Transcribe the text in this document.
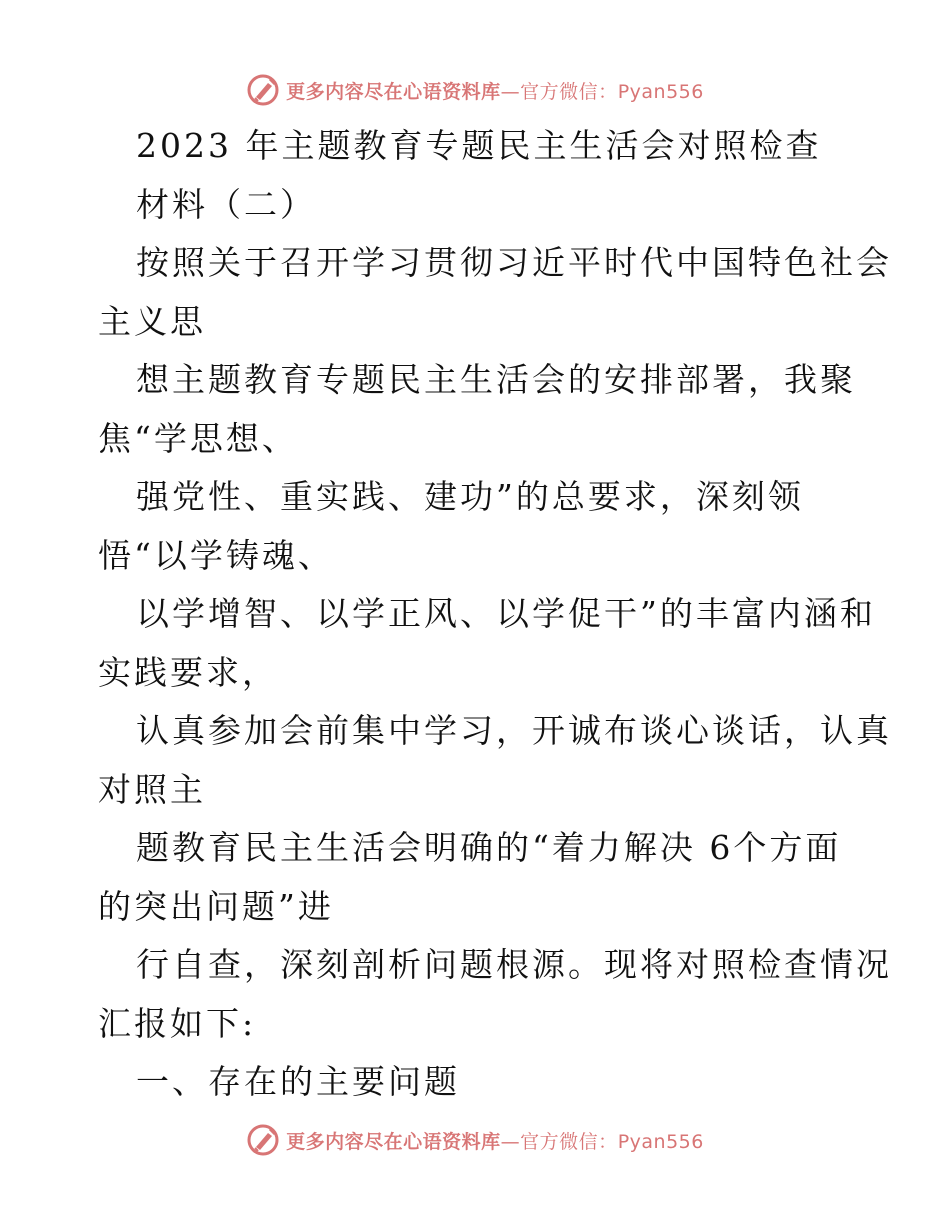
更多内容尽在心语资料库—官方微信：Pyan556
2023 年主题教育专题民主生活会对照检查
材料（二）
按照关于召开学习贯彻习近平时代中国特色社会
主义思
想主题教育专题民主生活会的安排部署，我聚
焦“学思想、
强党性、重实践、建功”的总要求，深刻领
悟“以学铸魂、
以学增智、以学正风、以学促干”的丰富内涵和
实践要求，
认真参加会前集中学习，开诚布谈心谈话，认真
对照主
题教育民主生活会明确的“着力解决 6个方面
的突出问题”进
行自查，深刻剖析问题根源。现将对照检查情况
汇报如下:
一、存在的主要问题
更多内容尽在心语资料库—官方微信：Pyan556
